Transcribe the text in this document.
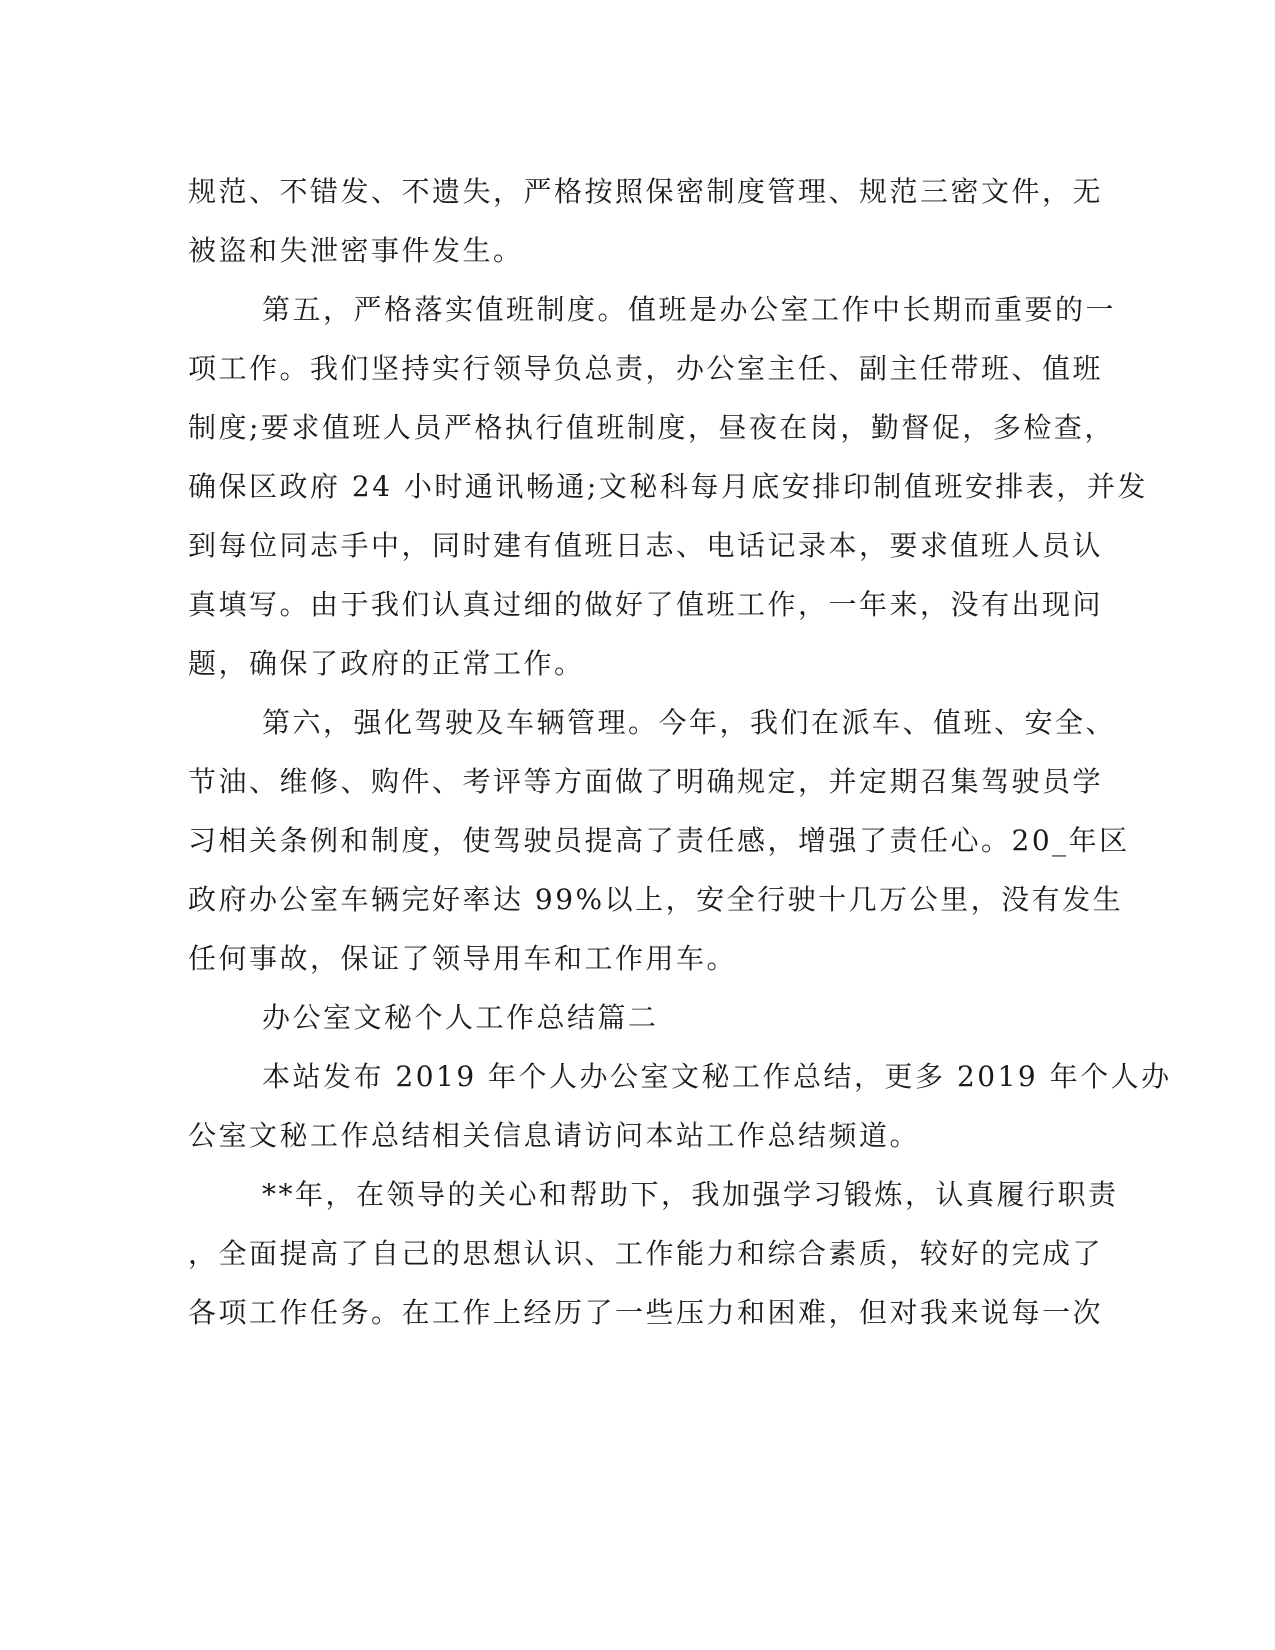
规范、不错发、不遗失，严格按照保密制度管理、规范三密文件，无
被盗和失泄密事件发生。
第五，严格落实值班制度。值班是办公室工作中长期而重要的一
项工作。我们坚持实行领导负总责，办公室主任、副主任带班、值班
制度;要求值班人员严格执行值班制度，昼夜在岗，勤督促，多检查，
确保区政府 24 小时通讯畅通;文秘科每月底安排印制值班安排表，并发
到每位同志手中，同时建有值班日志、电话记录本，要求值班人员认
真填写。由于我们认真过细的做好了值班工作，一年来，没有出现问
题，确保了政府的正常工作。
第六，强化驾驶及车辆管理。今年，我们在派车、值班、安全、
节油、维修、购件、考评等方面做了明确规定，并定期召集驾驶员学
习相关条例和制度，使驾驶员提高了责任感，增强了责任心。20_年区
政府办公室车辆完好率达 99%以上，安全行驶十几万公里，没有发生
任何事故，保证了领导用车和工作用车。
办公室文秘个人工作总结篇二
本站发布 2019 年个人办公室文秘工作总结，更多 2019 年个人办
公室文秘工作总结相关信息请访问本站工作总结频道。
**年，在领导的关心和帮助下，我加强学习锻炼，认真履行职责
，全面提高了自己的思想认识、工作能力和综合素质，较好的完成了
各项工作任务。在工作上经历了一些压力和困难，但对我来说每一次
